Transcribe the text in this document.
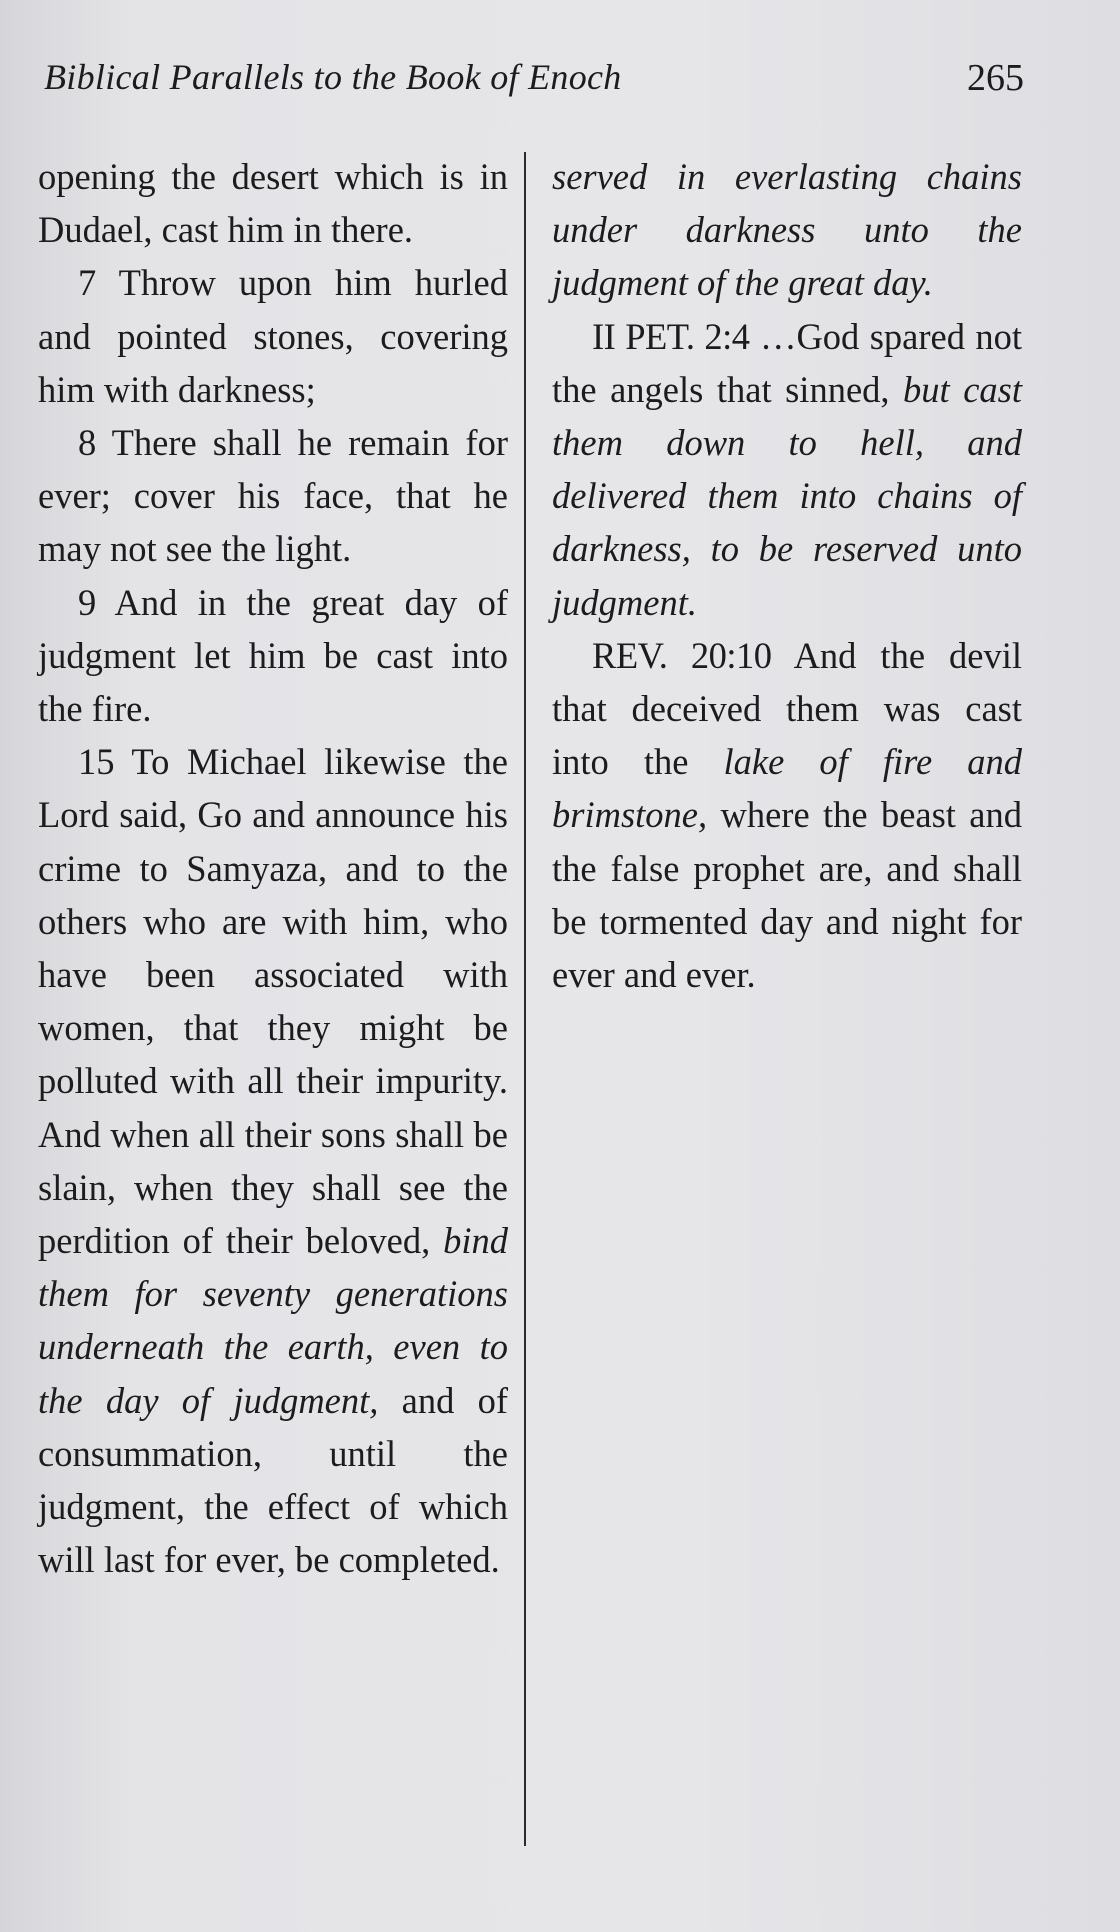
Biblical Parallels to the Book of Enoch	265

opening the desert which is in Dudael, cast him in there.

7 Throw upon him hurled and pointed stones, covering him with darkness;

8 There shall he remain for ever; cover his face, that he may not see the light.

9 And in the great day of judgment let him be cast into the fire.

15 To Michael likewise the Lord said, Go and announce his crime to Samyaza, and to the others who are with him, who have been associated with women, that they might be polluted with all their impurity. And when all their sons shall be slain, when they shall see the perdition of their beloved, bind them for seventy generations underneath the earth, even to the day of judgment, and of consummation, until the judgment, the effect of which will last for ever, be completed.

served in everlasting chains under darkness unto the judgment of the great day.

II PET. 2:4 …God spared not the angels that sinned, but cast them down to hell, and delivered them into chains of darkness, to be reserved unto judgment.

REV. 20:10 And the devil that deceived them was cast into the lake of fire and brimstone, where the beast and the false prophet are, and shall be tormented day and night for ever and ever.
